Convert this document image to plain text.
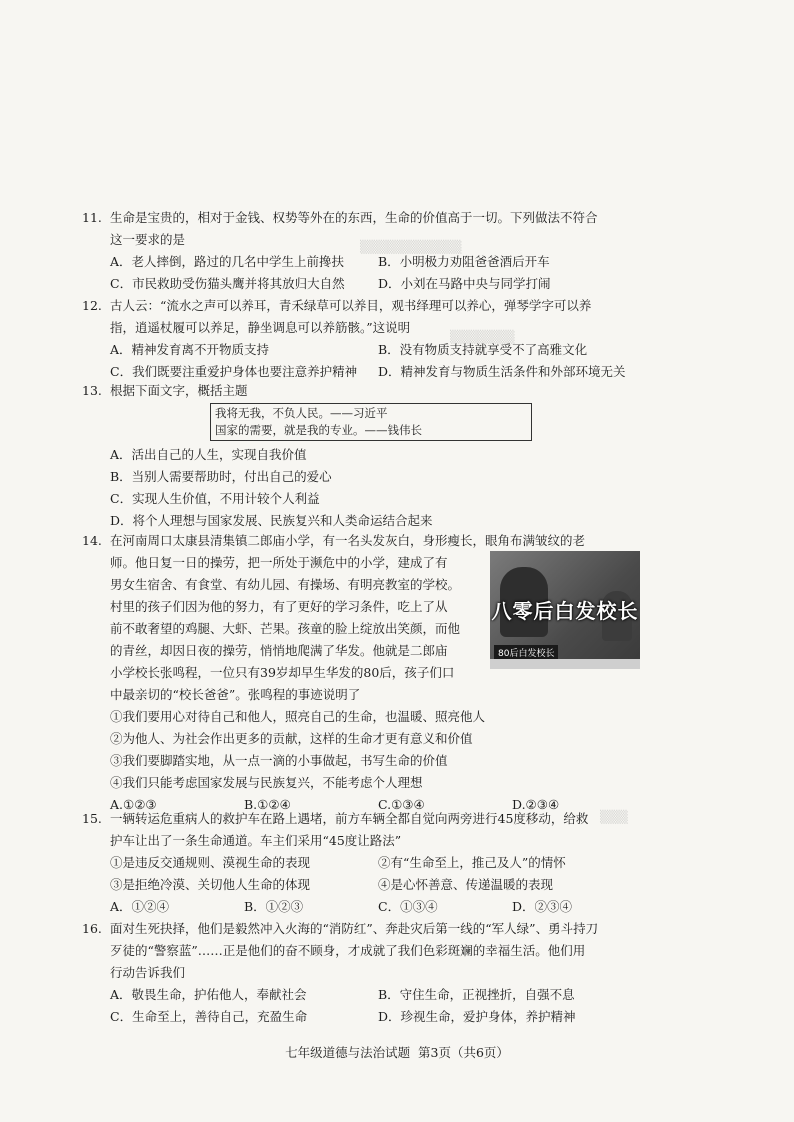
▒▒▒▒▒▒▒▒▒▒▒
▒▒▒▒▒▒▒
▒▒▒
11. 生命是宝贵的，相对于金钱、权势等外在的东西，生命的价值高于一切。下列做法不符合
这一要求的是
A．老人摔倒，路过的几名中学生上前搀扶	B．小明极力劝阻爸爸酒后开车
C．市民救助受伤猫头鹰并将其放归大自然	D．小刘在马路中央与同学打闹
12. 古人云：“流水之声可以养耳，青禾绿草可以养目，观书绎理可以养心，弹琴学字可以养
指，逍遥杖履可以养足，静坐调息可以养筋骸。”这说明
A．精神发育离不开物质支持	B．没有物质支持就享受不了高雅文化
C．我们既要注重爱护身体也要注意养护精神	D．精神发育与物质生活条件和外部环境无关
13. 根据下面文字，概括主题
我将无我，不负人民。——习近平
国家的需要，就是我的专业。——钱伟长
A．活出自己的人生，实现自我价值
B．当别人需要帮助时，付出自己的爱心
C．实现人生价值，不用计较个人利益
D．将个人理想与国家发展、民族复兴和人类命运结合起来
14. 在河南周口太康县清集镇二郎庙小学，有一名头发灰白，身形瘦长，眼角布满皱纹的老
师。他日复一日的操劳，把一所处于濒危中的小学，建成了有
男女生宿舍、有食堂、有幼儿园、有操场、有明亮教室的学校。
村里的孩子们因为他的努力，有了更好的学习条件，吃上了从
前不敢奢望的鸡腿、大虾、芒果。孩童的脸上绽放出笑颜，而他
的青丝，却因日夜的操劳，悄悄地爬满了华发。他就是二郎庙
小学校长张鸣程，一位只有39岁却早生华发的80后，孩子们口
中最亲切的“校长爸爸”。张鸣程的事迹说明了
①我们要用心对待自己和他人，照亮自己的生命，也温暖、照亮他人
②为他人、为社会作出更多的贡献，这样的生命才更有意义和价值
③我们要脚踏实地，从一点一滴的小事做起，书写生命的价值
④我们只能考虑国家发展与民族复兴，不能考虑个人理想
A.①②③	B.①②④	C.①③④	D.②③④
八零后白发校长
80后白发校长
15. 一辆转运危重病人的救护车在路上遇堵，前方车辆全都自觉向两旁进行45度移动，给救
护车让出了一条生命通道。车主们采用“45度让路法”
①是违反交通规则、漠视生命的表现	②有“生命至上，推己及人”的情怀
③是拒绝冷漠、关切他人生命的体现	④是心怀善意、传递温暖的表现
A．①②④	B．①②③	C．①③④	D．②③④
16. 面对生死抉择，他们是毅然冲入火海的“消防红”、奔赴灾后第一线的“军人绿”、勇斗持刀
歹徒的“警察蓝”……正是他们的奋不顾身，才成就了我们色彩斑斓的幸福生活。他们用
行动告诉我们
A．敬畏生命，护佑他人，奉献社会	B．守住生命，正视挫折，自强不息
C．生命至上，善待自己，充盈生命	D．珍视生命，爱护身体，养护精神
七年级道德与法治试题 第3页（共6页）
